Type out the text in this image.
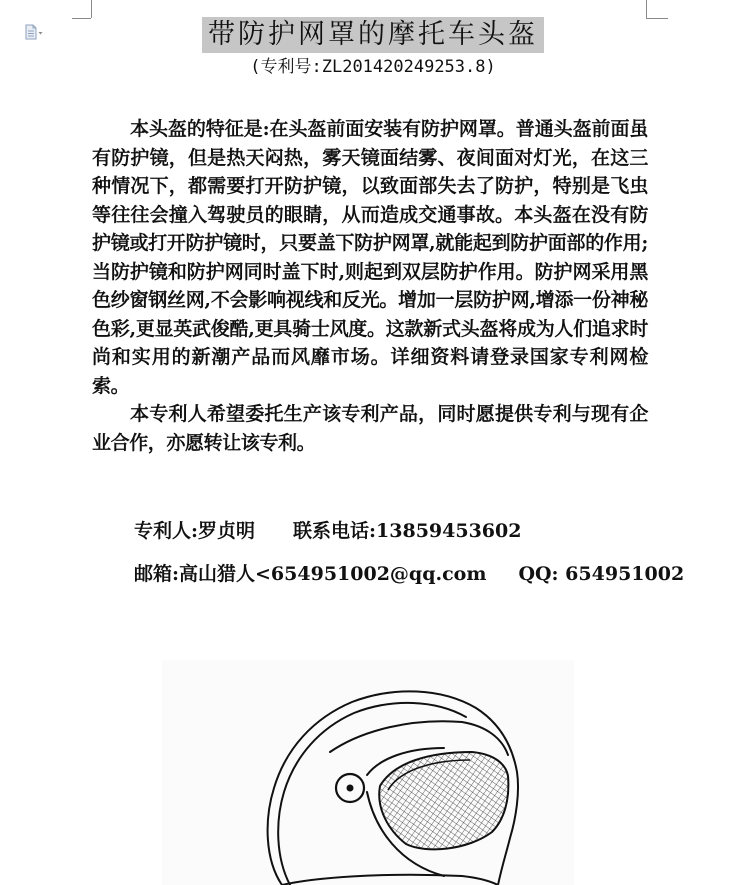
带防护网罩的摩托车头盔
(专利号:ZL201420249253.8)

本头盔的特征是:在头盔前面安装有防护网罩。普通头盔前面虽有防护镜，但是热天闷热，雾天镜面结雾、夜间面对灯光，在这三种情况下，都需要打开防护镜，以致面部失去了防护，特别是飞虫等往往会撞入驾驶员的眼睛，从而造成交通事故。本头盔在没有防护镜或打开防护镜时，只要盖下防护网罩,就能起到防护面部的作用;当防护镜和防护网同时盖下时,则起到双层防护作用。防护网采用黑色纱窗钢丝网,不会影响视线和反光。增加一层防护网,增添一份神秘色彩,更显英武俊酷,更具骑士风度。这款新式头盔将成为人们追求时尚和实用的新潮产品而风靡市场。详细资料请登录国家专利网检索。

本专利人希望委托生产该专利产品，同时愿提供专利与现有企业合作，亦愿转让该专利。

专利人:罗贞明 联系电话:13859453602
邮箱:高山猎人<654951002@qq.com QQ: 654951002
